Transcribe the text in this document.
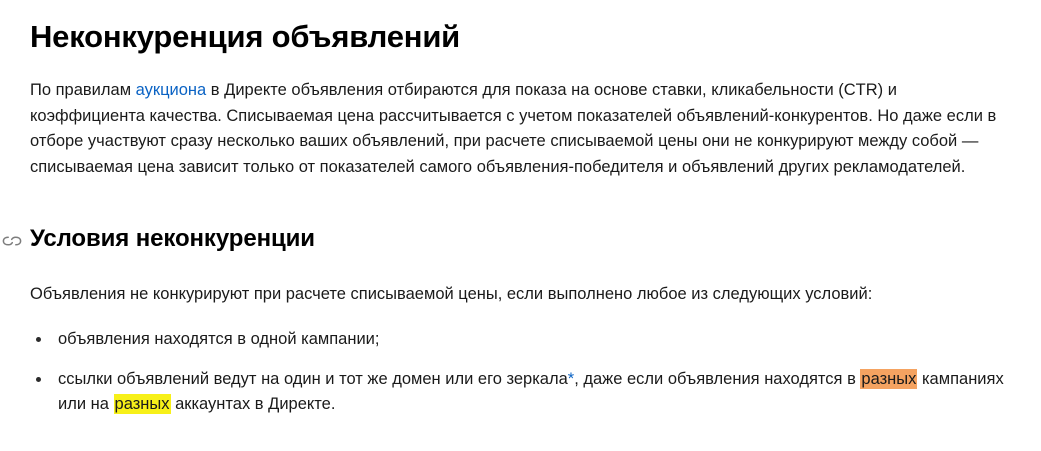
Неконкуренция объявлений

По правилам аукциона в Директе объявления отбираются для показа на основе ставки, кликабельности (CTR) и коэффициента качества. Списываемая цена рассчитывается с учетом показателей объявлений-конкурентов. Но даже если в отборе участвуют сразу несколько ваших объявлений, при расчете списываемой цены они не конкурируют между собой — списываемая цена зависит только от показателей самого объявления-победителя и объявлений других рекламодателей.

Условия неконкуренции

Объявления не конкурируют при расчете списываемой цены, если выполнено любое из следующих условий:

объявления находятся в одной кампании;
ссылки объявлений ведут на один и тот же домен или его зеркала*, даже если объявления находятся в разных кампаниях или на разных аккаунтах в Директе.
